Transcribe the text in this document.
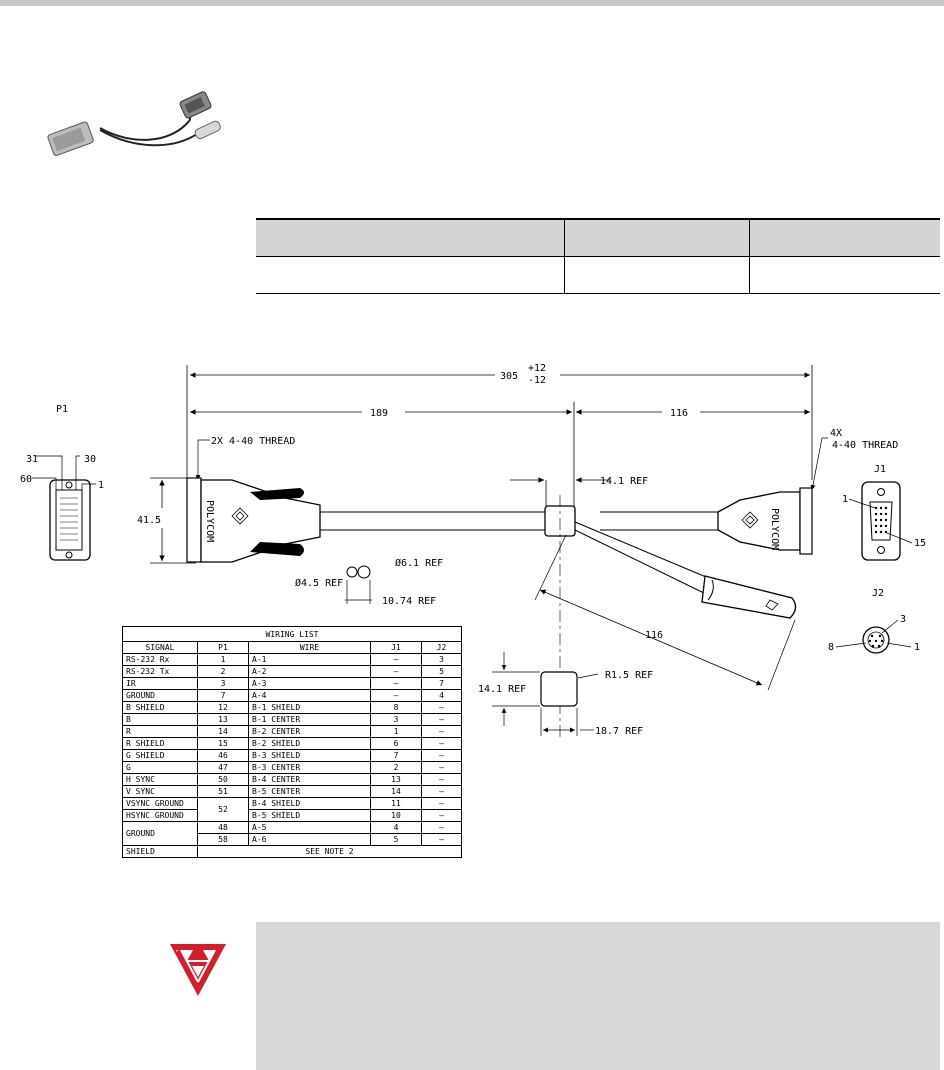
305
+12
-12
189	116
P1
31	30
60
1
41.5
2X 4-40 THREAD
POLYCOM
14.1 REF
116
POLYCOM
4X
4-40 THREAD
Ø4.5 REF
Ø6.1 REF
10.74 REF
R1.5 REF
14.1 REF
18.7 REF
J1
1
15
J2
3
8	1
WIRING LIST				
SIGNAL	P1	WIRE	J1	J2
RS-232 Rx	1	A-1	—	3
RS-232 Tx	2	A-2	—	5
IR	3	A-3	—	7
GROUND	7	A-4	—	4
B SHIELD	12	B-1 SHIELD	8	—
B	13	B-1 CENTER	3	—
R	14	B-2 CENTER	1	—
R SHIELD	15	B-2 SHIELD	6	—
G SHIELD	46	B-3 SHIELD	7	—
G	47	B-3 CENTER	2	—
H SYNC	50	B-4 CENTER	13	—
V SYNC	51	B-5 CENTER	14	—
VSYNC GROUND	52	B-4 SHIELD	11	—
HSYNC GROUND		B-5 SHIELD	10	—
GROUND	48	A-5	4	—
	58	A-6	5	—
SHIELD	SEE NOTE 2			
